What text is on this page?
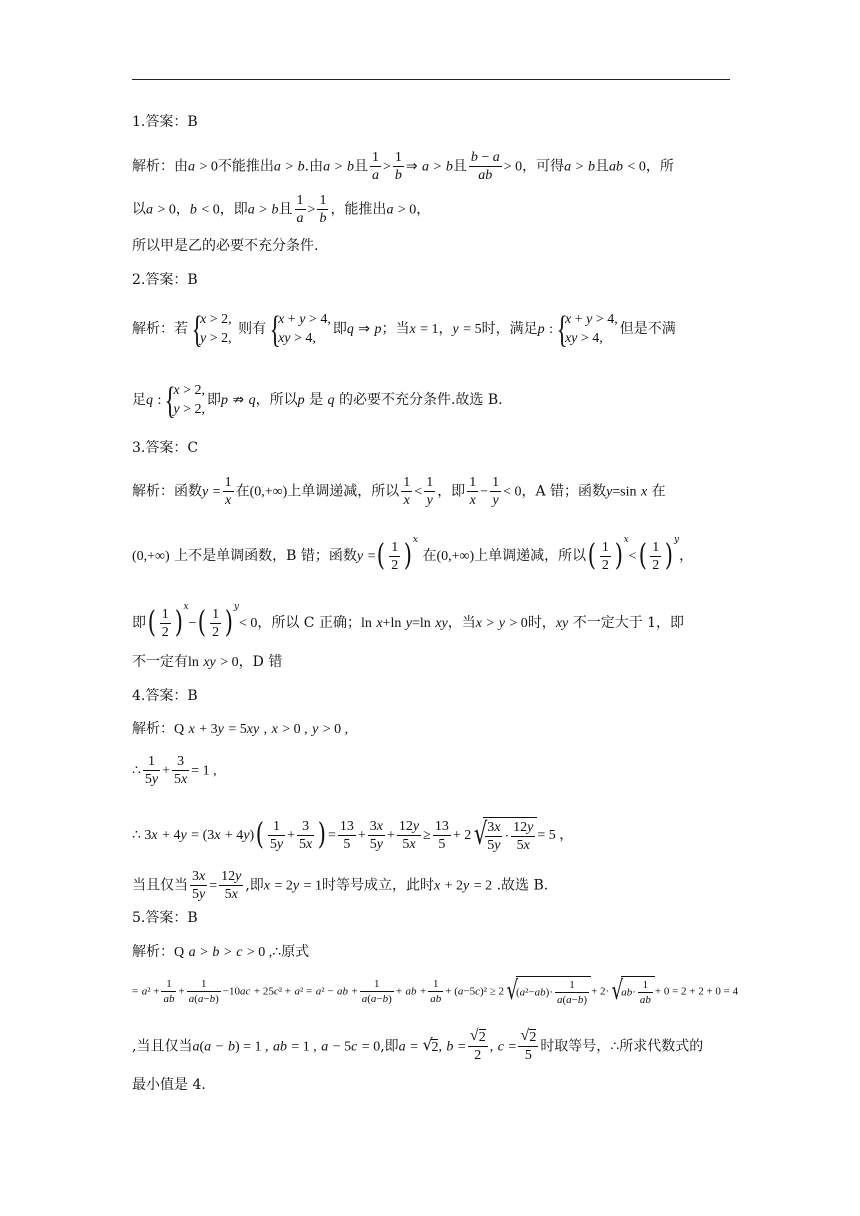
1.答案：B
解析：由a > 0不能推出a > b.由a > b且 $\frac{1}{a} > \frac{1}{b}$ ⇒ a > b且 $\frac{b - a}{ab} > 0$，可得a > b且ab < 0，所
以a > 0，b < 0，即a > b且 $\frac{1}{a} > \frac{1}{b}$ ，能推出a > 0，
所以甲是乙的必要不充分条件.
2.答案：B
解析：若
{ x > 2,
y > 2,
则有
{ x + y > 4,
xy > 4,
即q ⇒ p；当x = 1，y = 5时，满足p :
{ x + y > 4,
xy > 4,
但是不满
足q :
{ x > 2,
y > 2,
即p ⇏ q，所以p 是 q 的必要不充分条件.故选 B.
3.答案：C
解析：函数$y = \frac{1}{x}$ 在(0,+∞)上单调递减，所以 $\frac{1}{x} < \frac{1}{y}$ ，即 $\frac{1}{x} - \frac{1}{y} < 0$，A 错；函数y=sin x 在
(0,+∞) 上不是单调函数，B 错；函数y =( $\frac{1}{2} )^x$ 在(0,+∞)上单调递减，所以( $\frac{1}{2} )^x<( \frac{1}{2} )^y$，
即( $\frac{1}{2} )^x-( \frac{1}{2} )^y< 0$，所以 C 正确；ln x+ln y=ln xy，当x > y > 0时，xy 不一定大于 1，即
不一定有ln xy > 0，D 错
4.答案：B
解析：Q x + 3y = 5xy , x > 0 , y > 0 ,
∴ $\frac{1}{5y} + \frac{3}{5x} = 1$ ,
∴ $3x + 4y = (3x + 4y)( \frac{1}{5y} + \frac{3}{5x}$ ) = $\frac{13}{5} + \frac{3x}{5y} + \frac{12y}{5x} \ge \frac{13}{5} + 2$
√ $\frac{3x}{5y} \cdot \frac{12y}{5x} = 5$ ，
当且仅当 $\frac{3x}{5y} = \frac{12y}{5x}$ ,即x = 2y = 1时等号成立，此时x + 2y = 2 .故选 B.
5.答案：B
解析：Q a > b > c > 0 ,∴原式
= $a^2 + \frac{1}{ab} + \frac{1}{a(a-b)} -10ac + 25c^2 + a^2 = a^2$ − ab + $\frac{1}{a(a-b)}$ + ab + $\frac{1}{ab} + (a-5c)^2 \ge 2√$ $(a^2-ab)\cdot \frac{1}{a(a-b)} + 2\cdot√$ $ab\cdot \frac{1}{ab} + 0 = 2 + 2 + 0 = 4$
,当且仅当a(a − b) = 1 , ab = 1 , a − 5c = 0,即a = √ 2, b =
√ $\frac{2}{2}$ , c =
√ $\frac{2}{5}$ 时取等号，∴所求代数式的
最小值是 4.
